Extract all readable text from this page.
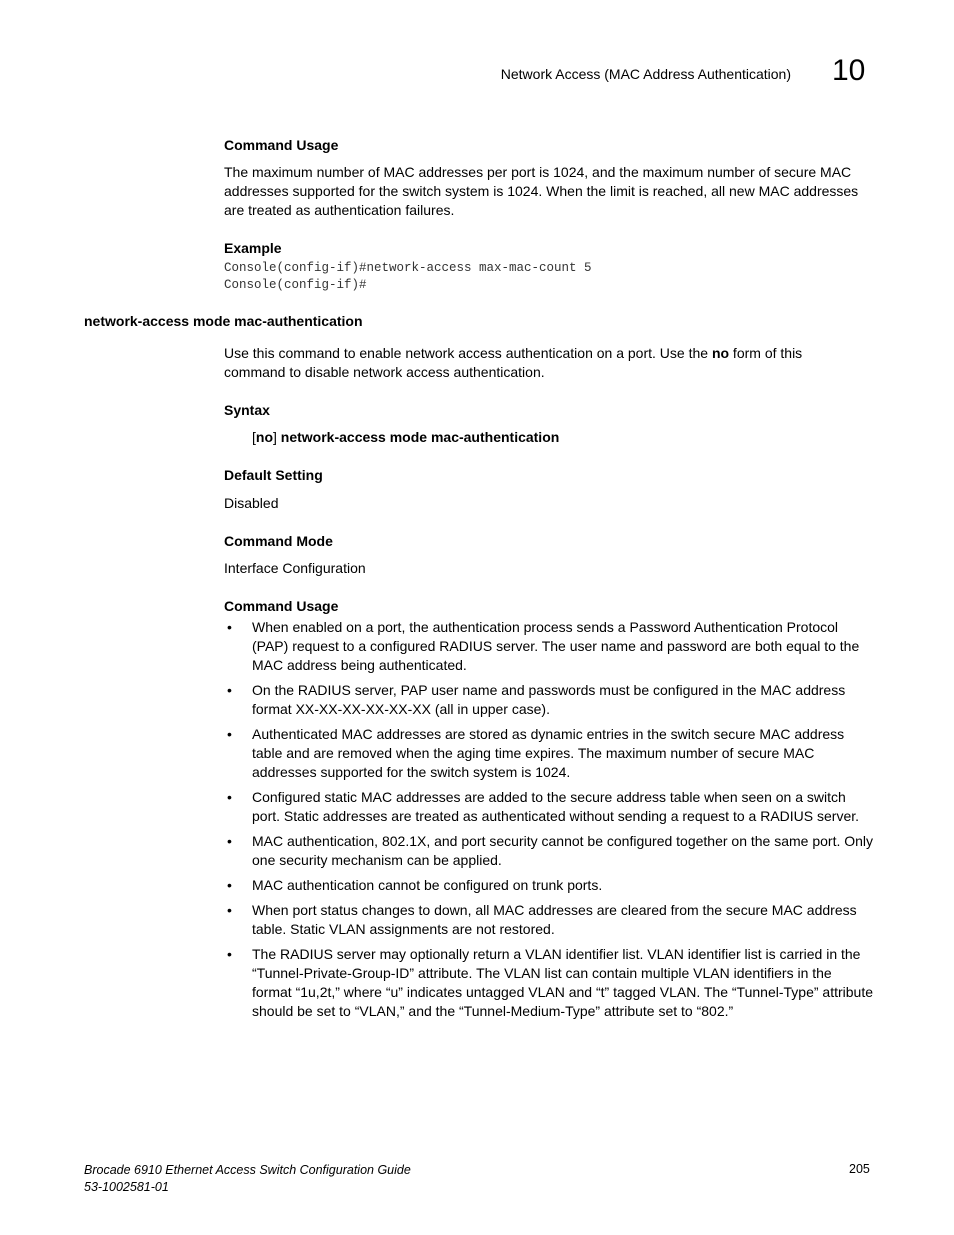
Network Access (MAC Address Authentication) 10
Command Usage
The maximum number of MAC addresses per port is 1024, and the maximum number of secure MAC addresses supported for the switch system is 1024. When the limit is reached, all new MAC addresses are treated as authentication failures.
Example
Console(config-if)#network-access max-mac-count 5
Console(config-if)#
network-access mode mac-authentication
Use this command to enable network access authentication on a port. Use the no form of this command to disable network access authentication.
Syntax
[no] network-access mode mac-authentication
Default Setting
Disabled
Command Mode
Interface Configuration
Command Usage
• When enabled on a port, the authentication process sends a Password Authentication Protocol (PAP) request to a configured RADIUS server. The user name and password are both equal to the MAC address being authenticated.
• On the RADIUS server, PAP user name and passwords must be configured in the MAC address format XX-XX-XX-XX-XX-XX (all in upper case).
• Authenticated MAC addresses are stored as dynamic entries in the switch secure MAC address table and are removed when the aging time expires. The maximum number of secure MAC addresses supported for the switch system is 1024.
• Configured static MAC addresses are added to the secure address table when seen on a switch port. Static addresses are treated as authenticated without sending a request to a RADIUS server.
• MAC authentication, 802.1X, and port security cannot be configured together on the same port. Only one security mechanism can be applied.
• MAC authentication cannot be configured on trunk ports.
• When port status changes to down, all MAC addresses are cleared from the secure MAC address table. Static VLAN assignments are not restored.
• The RADIUS server may optionally return a VLAN identifier list. VLAN identifier list is carried in the “Tunnel-Private-Group-ID” attribute. The VLAN list can contain multiple VLAN identifiers in the format “1u,2t,” where “u” indicates untagged VLAN and “t” tagged VLAN. The “Tunnel-Type” attribute should be set to “VLAN,” and the “Tunnel-Medium-Type” attribute set to “802.”
Brocade 6910 Ethernet Access Switch Configuration Guide
53-1002581-01
205
